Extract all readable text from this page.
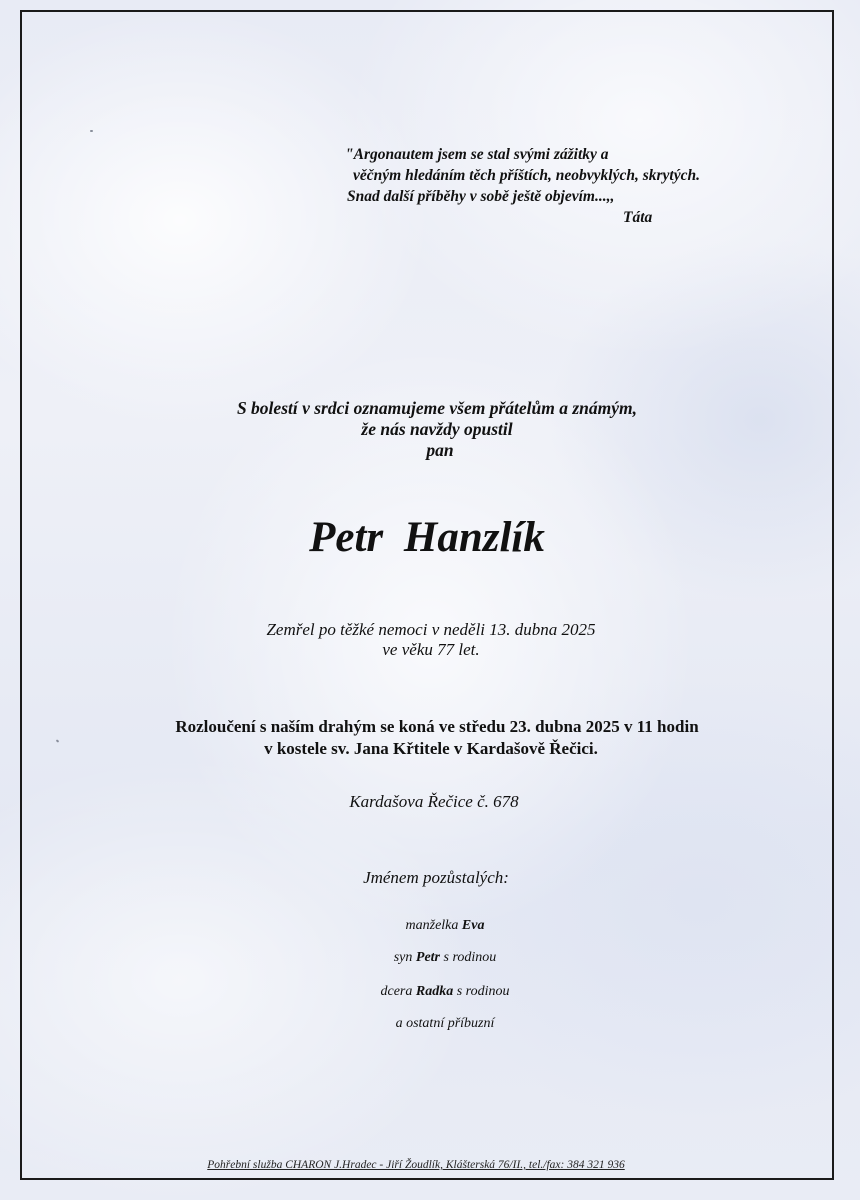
"Argonautem jsem se stal svými zážitky a
věčným hledáním těch příštích, neobvyklých, skrytých.
Snad další příběhy v sobě ještě objevím...,,
Táta
S bolestí v srdci oznamujeme všem přátelům a známým,
že nás navždy opustil
pan
Petr Hanzlík
Zemřel po těžké nemoci v neděli 13. dubna 2025
ve věku 77 let.
Rozloučení s naším drahým se koná ve středu 23. dubna 2025 v 11 hodin
v kostele sv. Jana Křtitele v Kardašově Řečici.
Kardašova Řečice č. 678
Jménem pozůstalých:
manželka Eva
syn Petr s rodinou
dcera Radka s rodinou
a ostatní příbuzní
Pohřební služba CHARON J.Hradec - Jiří Žoudlík, Klášterská 76/II., tel./fax: 384 321 936
